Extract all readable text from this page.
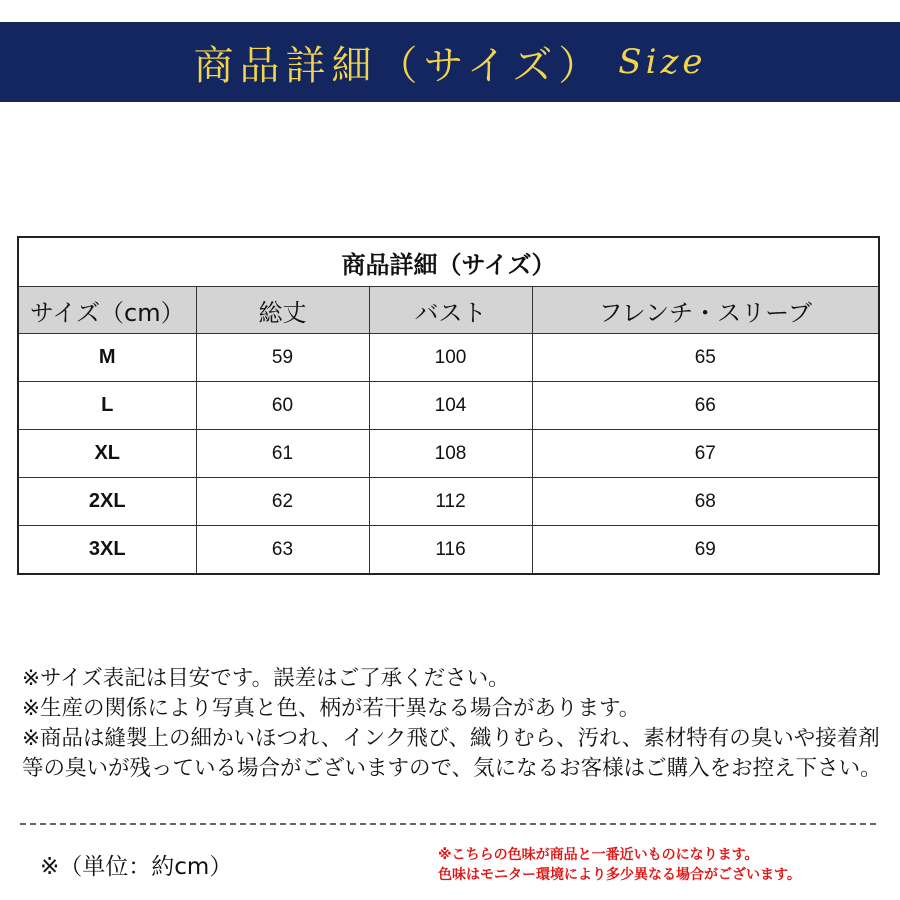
商品詳細（サイズ） Size
商品詳細（サイズ）			
サイズ（cm）	総丈	バスト	フレンチ・スリーブ
M	59	100	65
L	60	104	66
XL	61	108	67
2XL	62	112	68
3XL	63	116	69

※サイズ表記は目安です。誤差はご了承ください。

※生産の関係により写真と色、柄が若干異なる場合があります。

※商品は縫製上の細かいほつれ、インク飛び、織りむら、汚れ、素材特有の臭いや接着剤等の臭いが残っている場合がございますので、気になるお客様はご購入をお控え下さい。

※（単位：約cm）	※こちらの色味が商品と一番近いものになります。

色味はモニター環境により多少異なる場合がございます。
